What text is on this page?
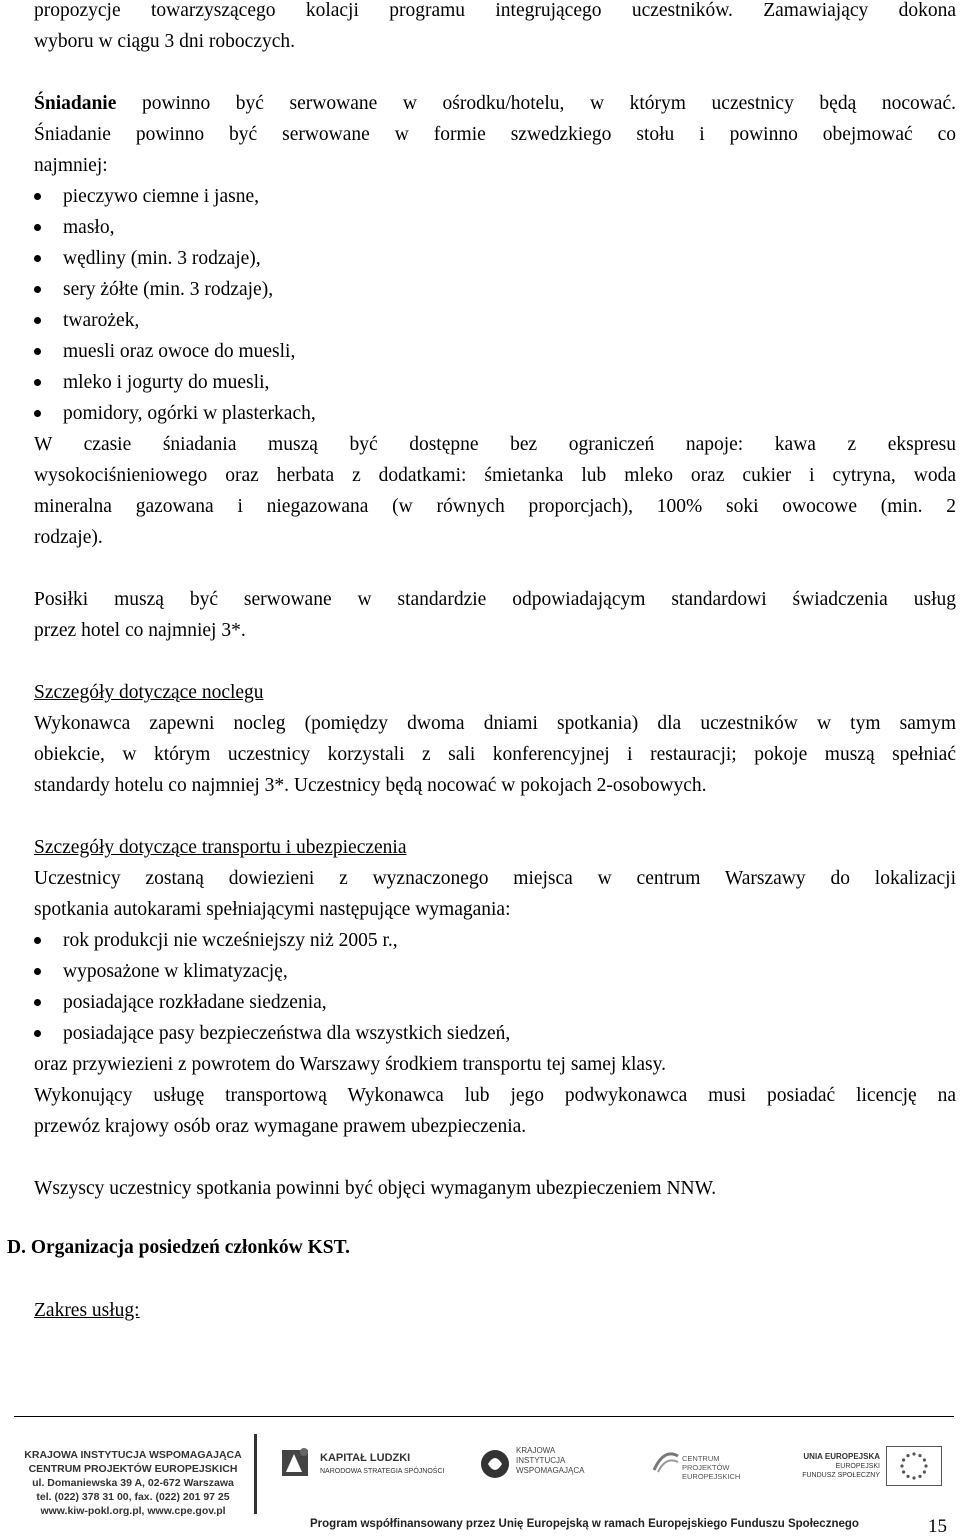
propozycje towarzyszącego kolacji programu integrującego uczestników. Zamawiający dokona
wyboru w ciągu 3 dni roboczych.
Śniadanie powinno być serwowane w ośrodku/hotelu, w którym uczestnicy będą nocować.
Śniadanie powinno być serwowane w formie szwedzkiego stołu i powinno obejmować co
najmniej:
pieczywo ciemne i jasne,
masło,
wędliny (min. 3 rodzaje),
sery żółte (min. 3 rodzaje),
twarożek,
muesli oraz owoce do muesli,
mleko i jogurty do muesli,
pomidory, ogórki w plasterkach,
W czasie śniadania muszą być dostępne bez ograniczeń napoje: kawa z ekspresu
wysokociśnieniowego oraz herbata z dodatkami: śmietanka lub mleko oraz cukier i cytryna, woda
mineralna gazowana i niegazowana (w równych proporcjach), 100% soki owocowe (min. 2
rodzaje).
Posiłki muszą być serwowane w standardzie odpowiadającym standardowi świadczenia usług
przez hotel co najmniej 3*.
Szczegóły dotyczące noclegu
Wykonawca zapewni nocleg (pomiędzy dwoma dniami spotkania) dla uczestników w tym samym
obiekcie, w którym uczestnicy korzystali z sali konferencyjnej i restauracji; pokoje muszą spełniać
standardy hotelu co najmniej 3*. Uczestnicy będą nocować w pokojach 2-osobowych.
Szczegóły dotyczące transportu i ubezpieczenia
Uczestnicy zostaną dowiezieni z wyznaczonego miejsca w centrum Warszawy do lokalizacji
spotkania autokarami spełniającymi następujące wymagania:
rok produkcji nie wcześniejszy niż 2005 r.,
wyposażone w klimatyzację,
posiadające rozkładane siedzenia,
posiadające pasy bezpieczeństwa dla wszystkich siedzeń,
oraz przywiezieni z powrotem do Warszawy środkiem transportu tej samej klasy.
Wykonujący usługę transportową Wykonawca lub jego podwykonawca musi posiadać licencję na
przewóz krajowy osób oraz wymagane prawem ubezpieczenia.
Wszyscy uczestnicy spotkania powinni być objęci wymaganym ubezpieczeniem NNW.
Zakres usług:
D. Organizacja posiedzeń członków KST.
KRAJOWA INSTYTUCJA WSPOMAGAJĄCA
CENTRUM PROJEKTÓW EUROPEJSKICH
ul. Domaniewska 39 A, 02-672 Warszawa
tel. (022) 378 31 00, fax. (022) 201 97 25
www.kiw-pokl.org.pl, www.cpe.gov.pl
KAPITAŁ LUDZKI
NARODOWA STRATEGIA SPÓJNOŚCI
KRAJOWA
INSTYTUCJA
WSPOMAGAJĄCA
CENTRUM PROJEKTÓW
EUROPEJSKICH
UNIA EUROPEJSKA
EUROPEJSKI
FUNDUSZ SPOŁECZNY
Program współfinansowany przez Unię Europejską w ramach Europejskiego Funduszu Społecznego	15
